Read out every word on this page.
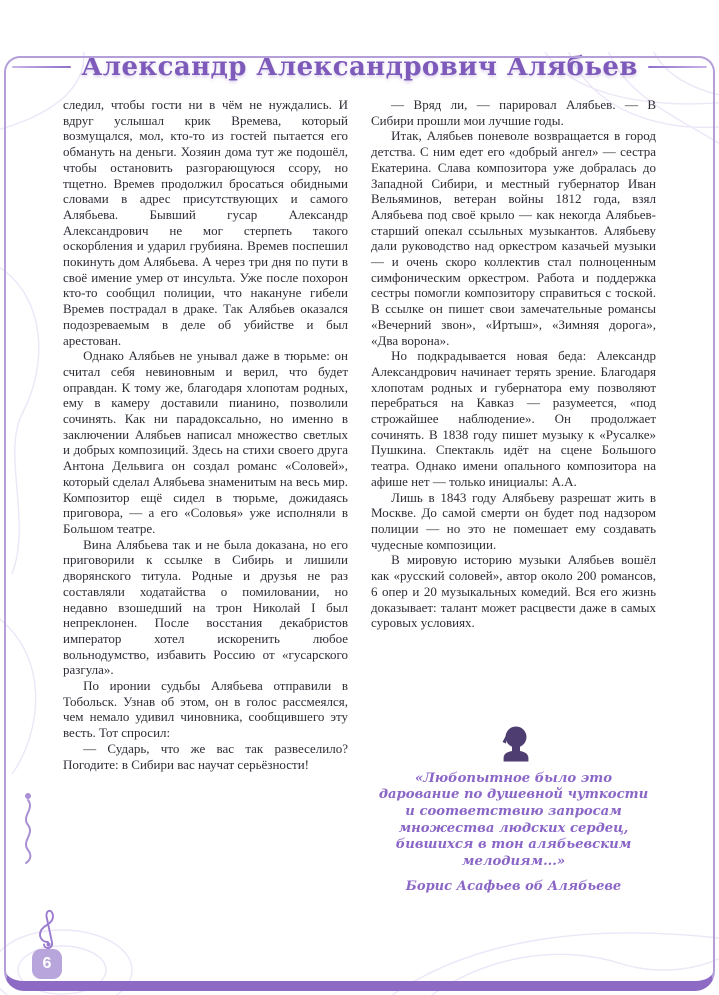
Александр Александрович Алябьев

следил, чтобы гости ни в чём не нуждались. И вдруг услышал крик Времева, который возмущался, мол, кто-то из гостей пытается его обмануть на деньги. Хозяин дома тут же подошёл, чтобы остановить разгорающуюся ссору, но тщетно. Времев продолжил бросаться обидными словами в адрес присутствующих и самого Алябьева. Бывший гусар Александр Александрович не мог стерпеть такого оскорбления и ударил грубияна. Времев поспешил покинуть дом Алябьева. А через три дня по пути в своё имение умер от инсульта. Уже после похорон кто-то сообщил полиции, что накануне гибели Времев пострадал в драке. Так Алябьев оказался подозреваемым в деле об убийстве и был арестован.

Однако Алябьев не унывал даже в тюрьме: он считал себя невиновным и верил, что будет оправдан. К тому же, благодаря хлопотам родных, ему в камеру доставили пианино, позволили сочинять. Как ни парадоксально, но именно в заключении Алябьев написал множество светлых и добрых композиций. Здесь на стихи своего друга Антона Дельвига он создал романс «Соловей», который сделал Алябьева знаменитым на весь мир. Композитор ещё сидел в тюрьме, дожидаясь приговора, — а его «Соловья» уже исполняли в Большом театре.

Вина Алябьева так и не была доказана, но его приговорили к ссылке в Сибирь и лишили дворянского титула. Родные и друзья не раз составляли ходатайства о помиловании, но недавно взошедший на трон Николай I был непреклонен. После восстания декабристов император хотел искоренить любое вольнодумство, избавить Россию от «гусарского разгула».

По иронии судьбы Алябьева отправили в Тобольск. Узнав об этом, он в голос рассмеялся, чем немало удивил чиновника, сообщившего эту весть. Тот спросил:

— Сударь, что же вас так развеселило? Погодите: в Сибири вас научат серьёзности!

— Вряд ли, — парировал Алябьев. — В Сибири прошли мои лучшие годы.

Итак, Алябьев поневоле возвращается в город детства. С ним едет его «добрый ангел» — сестра Екатерина. Слава композитора уже добралась до Западной Сибири, и местный губернатор Иван Вельяминов, ветеран войны 1812 года, взял Алябьева под своё крыло — как некогда Алябьев-старший опекал ссыльных музыкантов. Алябьеву дали руководство над оркестром казачьей музыки — и очень скоро коллектив стал полноценным симфоническим оркестром. Работа и поддержка сестры помогли композитору справиться с тоской. В ссылке он пишет свои замечательные романсы «Вечерний звон», «Иртыш», «Зимняя дорога», «Два ворона».

Но подкрадывается новая беда: Александр Александрович начинает терять зрение. Благодаря хлопотам родных и губернатора ему позволяют перебраться на Кавказ — разумеется, «под строжайшее наблюдение». Он продолжает сочинять. В 1838 году пишет музыку к «Русалке» Пушкина. Спектакль идёт на сцене Большого театра. Однако имени опального композитора на афише нет — только инициалы: А.А.

Лишь в 1843 году Алябьеву разрешат жить в Москве. До самой смерти он будет под надзором полиции — но это не помешает ему создавать чудесные композиции.

В мировую историю музыки Алябьев вошёл как «русский соловей», автор около 200 романсов, 6 опер и 20 музыкальных комедий. Вся его жизнь доказывает: талант может расцвести даже в самых суровых условиях.

«Любопытное было это дарование по душевной чуткости и соответствию запросам множества людских сердец, бившихся в тон алябьевским мелодиям...»
Борис Асафьев об Алябьеве
6
